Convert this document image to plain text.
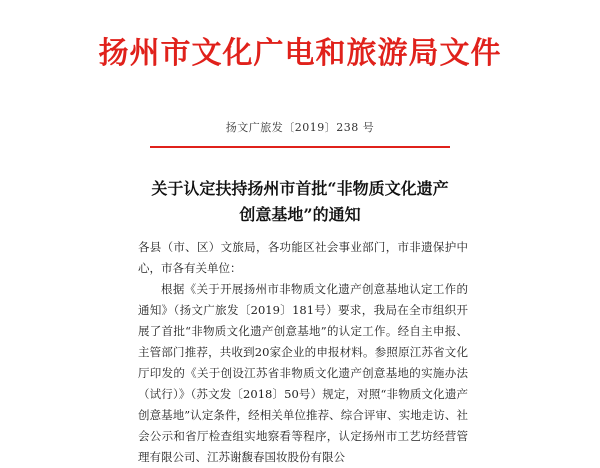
扬州市文化广电和旅游局文件
扬文广旅发〔2019〕238 号
关于认定扶持扬州市首批“非物质文化遗产
创意基地”的通知

各县（市、区）文旅局，各功能区社会事业部门，市非遗保护中心，市各有关单位：

根据《关于开展扬州市非物质文化遗产创意基地认定工作的通知》（扬文广旅发〔2019〕181号）要求，我局在全市组织开展了首批“非物质文化遗产创意基地”的认定工作。经自主申报、主管部门推荐，共收到20家企业的申报材料。参照原江苏省文化厅印发的《关于创设江苏省非物质文化遗产创意基地的实施办法（试行）》（苏文发〔2018〕50号）规定，对照“非物质文化遗产创意基地”认定条件，经相关单位推荐、综合评审、实地走访、社会公示和省厅检查组实地察看等程序，认定扬州市工艺坊经营管理有限公司、江苏谢馥春国妆股份有限公
